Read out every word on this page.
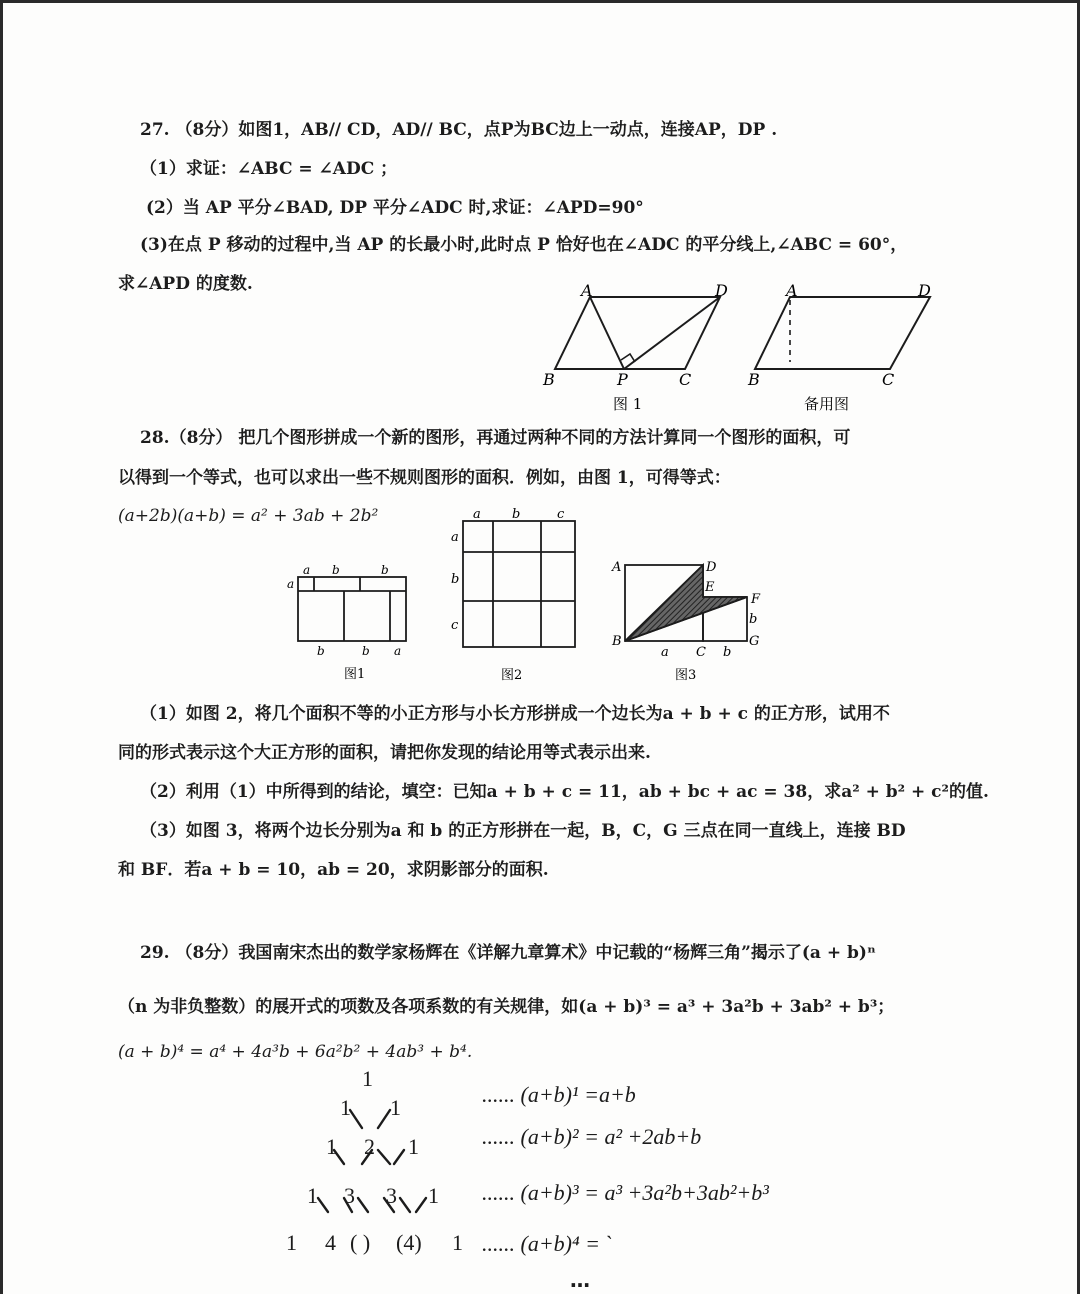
27. （8分）如图1，AB// CD，AD// BC，点P为BC边上一动点，连接AP，DP .
（1）求证：∠ABC = ∠ADC ；
(2）当 AP 平分∠BAD, DP 平分∠ADC 时,求证：∠APD=90°
(3)在点 P 移动的过程中,当 AP 的长最小时,此时点 P 恰好也在∠ADC 的平分线上,∠ABC = 60°，
求∠APD 的度数.	A	D
B	P	C
图 1
A	D
B	C
备用图
28.（8分） 把几个图形拼成一个新的图形，再通过两种不同的方法计算同一个图形的面积，可
以得到一个等式，也可以求出一些不规则图形的面积．例如，由图 1，可得等式：
(a+2b)(a+b) = a² + 3ab + 2b²
a b	b
a
b	b a
图1
a b	c
a
b
c
图2
A	D
E
F
b
G
B
a C b
图3
（1）如图 2，将几个面积不等的小正方形与小长方形拼成一个边长为a + b + c 的正方形，试用不
同的形式表示这个大正方形的面积，请把你发现的结论用等式表示出来.
（2）利用（1）中所得到的结论，填空：已知a + b + c = 11，ab + bc + ac = 38，求a² + b² + c²的值.
（3）如图 3，将两个边长分别为a 和 b 的正方形拼在一起，B，C，G 三点在同一直线上，连接 BD
和 BF．若a + b = 10，ab = 20，求阴影部分的面积.
29. （8分）我国南宋杰出的数学家杨辉在《详解九章算术》中记载的“杨辉三角”揭示了(a + b)ⁿ
（n 为非负整数）的展开式的项数及各项系数的有关规律，如(a + b)³ = a³ + 3a²b + 3ab² + b³；
(a + b)⁴ = a⁴ + 4a³b + 6a²b² + 4ab³ + b⁴.
1
1 1
1 2 1
1 3 3 1
1 4 ( ) (4) 1
...... (a+b)¹ =a+b
...... (a+b)² = a² +2ab+b
...... (a+b)³ = a³ +3a²b+3ab²+b³
...... (a+b)⁴ = ˋ
…
